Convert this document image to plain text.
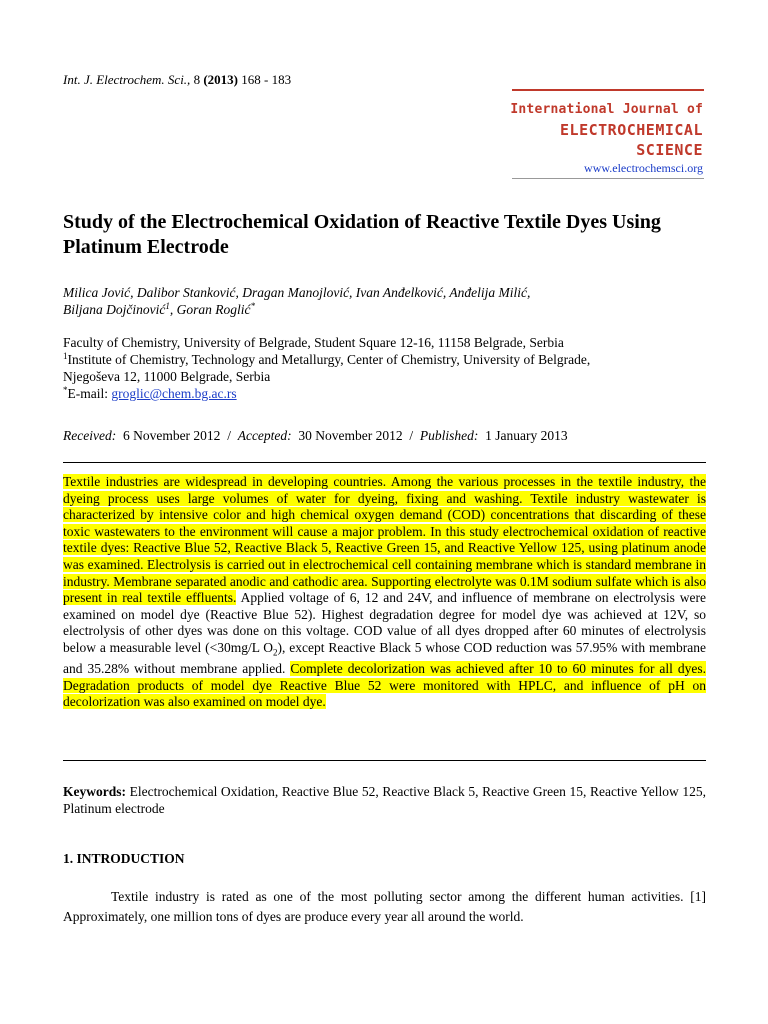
Int. J. Electrochem. Sci., 8 (2013) 168 - 183
International Journal of
ELECTROCHEMICAL
SCIENCE
www.electrochemsci.org
Study of the Electrochemical Oxidation of Reactive Textile Dyes Using Platinum Electrode
Milica Jović, Dalibor Stanković, Dragan Manojlović, Ivan Anđelković, Anđelija Milić,
Biljana Dojčinović$^1$, Goran Roglić*
Faculty of Chemistry, University of Belgrade, Student Square 12-16, 11158 Belgrade, Serbia
$^1$Institute of Chemistry, Technology and Metallurgy, Center of Chemistry, University of Belgrade,
Njegoševa 12, 11000 Belgrade, Serbia
*E-mail: groglic@chem.bg.ac.rs
Received: 6 November 2012 / Accepted: 30 November 2012 / Published: 1 January 2013
Textile industries are widespread in developing countries. Among the various processes in the textile industry, the dyeing process uses large volumes of water for dyeing, fixing and washing. Textile industry wastewater is characterized by intensive color and high chemical oxygen demand (COD) concentrations that discarding of these toxic wastewaters to the environment will cause a major problem. In this study electrochemical oxidation of reactive textile dyes: Reactive Blue 52, Reactive Black 5, Reactive Green 15, and Reactive Yellow 125, using platinum anode was examined. Electrolysis is carried out in electrochemical cell containing membrane which is standard membrane in industry. Membrane separated anodic and cathodic area. Supporting electrolyte was 0.1M sodium sulfate which is also present in real textile effluents. Applied voltage of 6, 12 and 24V, and influence of membrane on electrolysis were examined on model dye (Reactive Blue 52). Highest degradation degree for model dye was achieved at 12V, so electrolysis of other dyes was done on this voltage. COD value of all dyes dropped after 60 minutes of electrolysis below a measurable level (<30mg/L $O_2$), except Reactive Black 5 whose COD reduction was 57.95% with membrane and 35.28% without membrane applied. Complete decolorization was achieved after 10 to 60 minutes for all dyes. Degradation products of model dye Reactive Blue 52 were monitored with HPLC, and influence of pH on decolorization was also examined on model dye.
Keywords: Electrochemical Oxidation, Reactive Blue 52, Reactive Black 5, Reactive Green 15, Reactive Yellow 125, Platinum electrode
1. INTRODUCTION
Textile industry is rated as one of the most polluting sector among the different human activities. [1] Approximately, one million tons of dyes are produce every year all around the world.
